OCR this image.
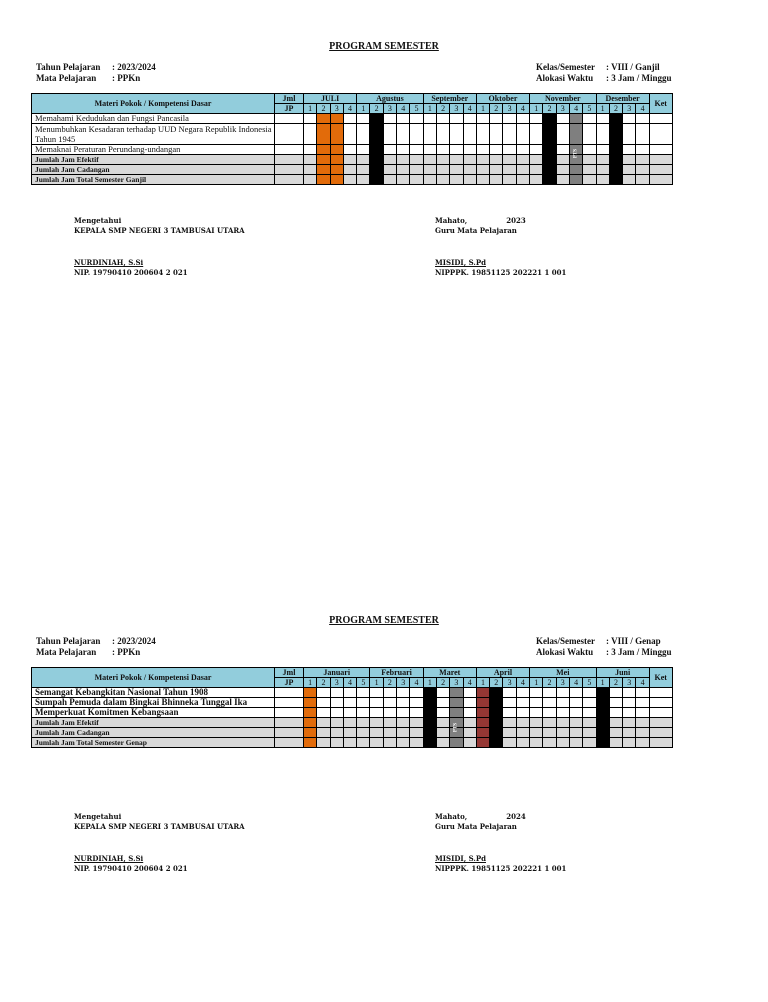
PROGRAM SEMESTER
Tahun Pelajaran : 2023/2024
Mata Pelajaran : PPKn
Kelas/Semester : VIII / Ganjil
Alokasi Waktu : 3 Jam / Minggu
Materi Pokok / Kompetensi Dasar	Jml	JULI				Agustus					September				Oktober				November					Desember				Ket
	JP	1	2	3	4	1	2	3	4	5	1	2	3	4	1	2	3	4	1	2	3	4	5	1	2	3	4	
Memahami Kedudukan dan Fungsi Pancasila																												
Menumbuhkan Kesadaran terhadap UUD Negara Republik Indonesia Tahun 1945																												
Memaknai Peraturan Perundang-undangan																												
Jumlah Jam Efektif																												
Jumlah Jam Cadangan																												
Jumlah Jam Total Semester Ganjil																												
Mengetahui
KEPALA SMP NEGERI 3 TAMBUSAI UTARA
NURDINIAH, S.Si
NIP. 19790410 200604 2 021
Mahato,	2023
Guru Mata Pelajaran
MISIDI, S.Pd
NIPPPK. 19851125 202221 1 001
PTS
PROGRAM SEMESTER
Tahun Pelajaran : 2023/2024
Mata Pelajaran : PPKn
Kelas/Semester : VIII / Genap
Alokasi Waktu : 3 Jam / Minggu
Materi Pokok / Kompetensi Dasar	Jml	Januari					Februari				Maret				April				Mei					Juni				Ket
	JP	1	2	3	4	5	1	2	3	4	1	2	3	4	1	2	3	4	1	2	3	4	5	1	2	3	4	
Semangat Kebangkitan Nasional Tahun 1908																												
Sumpah Pemuda dalam Bingkai Bhinneka Tunggal Ika																												
Memperkuat Komitmen Kebangsaan																												
Jumlah Jam Efektif																												
Jumlah Jam Cadangan																												
Jumlah Jam Total Semester Genap																												
Mengetahui
KEPALA SMP NEGERI 3 TAMBUSAI UTARA
NURDINIAH, S.Si
NIP. 19790410 200604 2 021
Mahato,	2024
Guru Mata Pelajaran
MISIDI, S.Pd
NIPPPK. 19851125 202221 1 001
PTS
